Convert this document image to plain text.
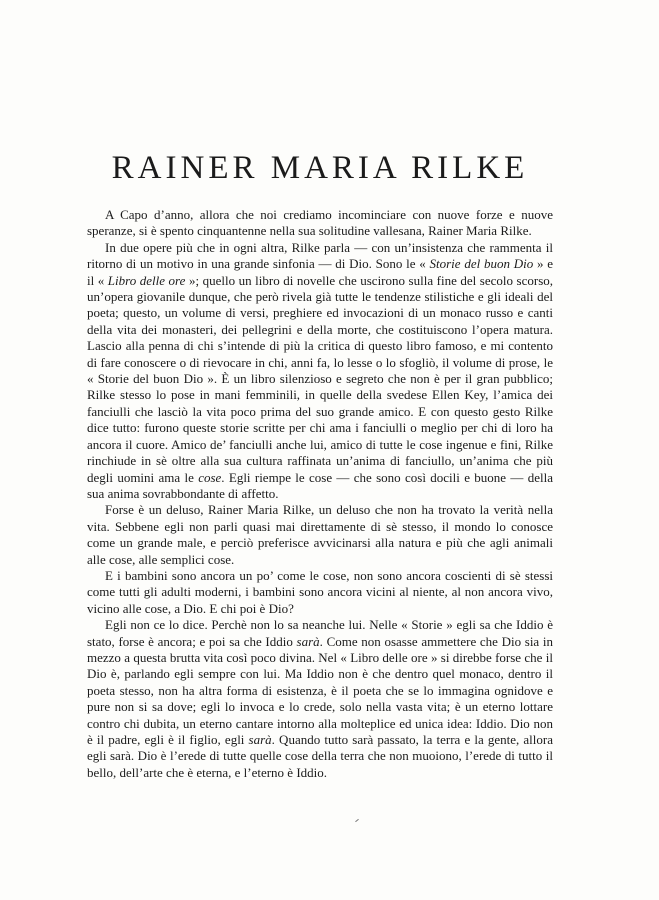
RAINER MARIA RILKE

A Capo d’anno, allora che noi crediamo incominciare con nuove forze e nuove speranze, si è spento cinquantenne nella sua solitudine vallesana, Rainer Maria Rilke.

In due opere più che in ogni altra, Rilke parla — con un’insistenza che rammenta il ritorno di un motivo in una grande sinfonia — di Dio. Sono le « Storie del buon Dio » e il « Libro delle ore »; quello un libro di novelle che uscirono sulla fine del secolo scorso, un’opera giovanile dunque, che però rivela già tutte le tendenze stilistiche e gli ideali del poeta; questo, un volume di versi, preghiere ed invocazioni di un monaco russo e canti della vita dei monasteri, dei pellegrini e della morte, che costituiscono l’opera matura. Lascio alla penna di chi s’intende di più la critica di questo libro famoso, e mi contento di fare conoscere o di rievocare in chi, anni fa, lo lesse o lo sfogliò, il volume di prose, le « Storie del buon Dio ». È un libro silenzioso e segreto che non è per il gran pubblico; Rilke stesso lo pose in mani femminili, in quelle della svedese Ellen Key, l’amica dei fanciulli che lasciò la vita poco prima del suo grande amico. E con questo gesto Rilke dice tutto: furono queste storie scritte per chi ama i fanciulli o meglio per chi di loro ha ancora il cuore. Amico de’ fanciulli anche lui, amico di tutte le cose ingenue e fini, Rilke rinchiude in sè oltre alla sua cultura raffinata un’anima di fanciullo, un’anima che più degli uomini ama le cose. Egli riempe le cose — che sono così docili e buone — della sua anima sovrabbondante di affetto.

Forse è un deluso, Rainer Maria Rilke, un deluso che non ha trovato la verità nella vita. Sebbene egli non parli quasi mai direttamente di sè stesso, il mondo lo conosce come un grande male, e perciò preferisce avvicinarsi alla natura e più che agli animali alle cose, alle semplici cose.

E i bambini sono ancora un po’ come le cose, non sono ancora coscienti di sè stessi come tutti gli adulti moderni, i bambini sono ancora vicini al niente, al non ancora vivo, vicino alle cose, a Dio. E chi poi è Dio?

Egli non ce lo dice. Perchè non lo sa neanche lui. Nelle « Storie » egli sa che Iddio è stato, forse è ancora; e poi sa che Iddio sarà. Come non osasse ammettere che Dio sia in mezzo a questa brutta vita così poco divina. Nel « Libro delle ore » si direbbe forse che il Dio è, parlando egli sempre con lui. Ma Iddio non è che dentro quel monaco, dentro il poeta stesso, non ha altra forma di esistenza, è il poeta che se lo immagina ognidove e pure non si sa dove; egli lo invoca e lo crede, solo nella vasta vita; è un eterno lottare contro chi dubita, un eterno cantare intorno alla molteplice ed unica idea: Iddio. Dio non è il padre, egli è il figlio, egli sarà. Quando tutto sarà passato, la terra e la gente, allora egli sarà. Dio è l’erede di tutte quelle cose della terra che non muoiono, l’erede di tutto il bello, dell’arte che è eterna, e l’eterno è Iddio.
